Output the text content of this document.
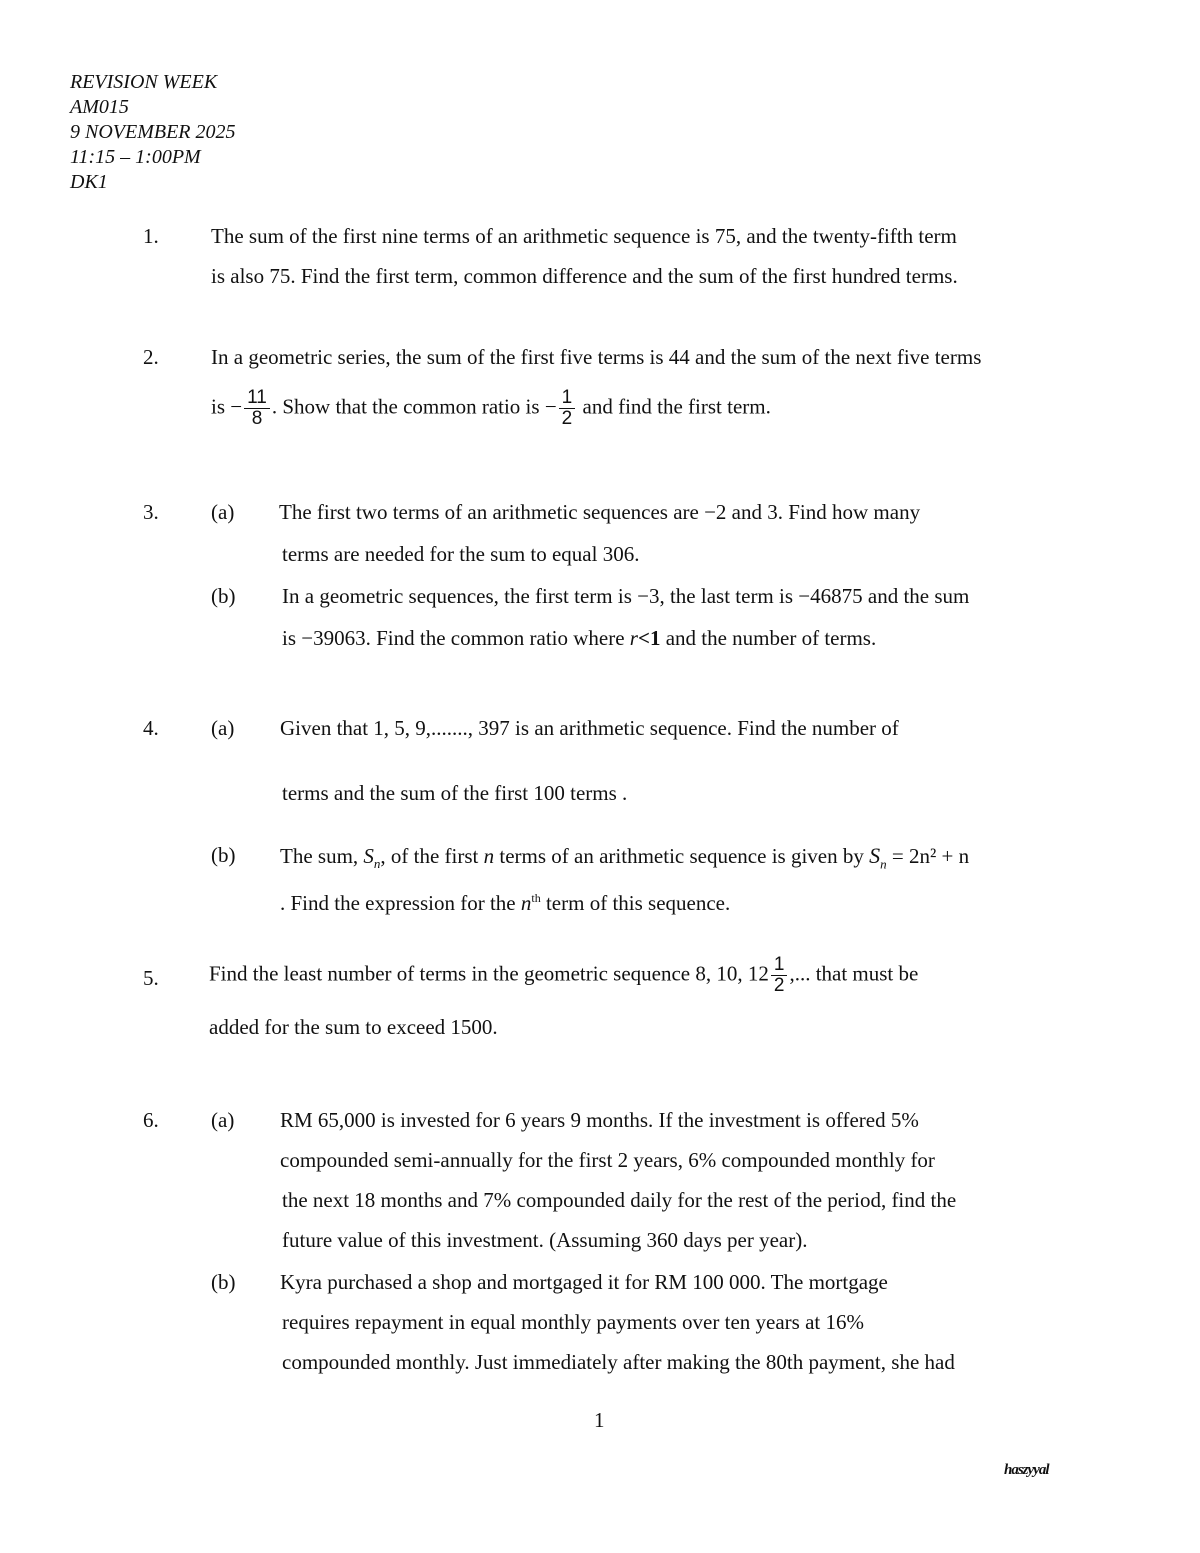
REVISION WEEK
AM015
9 NOVEMBER 2025
11:15 – 1:00PM
DK1
1. The sum of the first nine terms of an arithmetic sequence is 75, and the twenty-fifth term
is also 75. Find the first term, common difference and the sum of the first hundred terms.
2. In a geometric series, the sum of the first five terms is 44 and the sum of the next five terms
is − $\frac{11}{8}$ . Show that the common ratio is − $\frac{1}{2}$ and find the first term.
3. (a) The first two terms of an arithmetic sequences are −2 and 3. Find how many
terms are needed for the sum to equal 306.
(b) In a geometric sequences, the first term is −3, the last term is −46875 and the sum
is −39063. Find the common ratio where r<1 and the number of terms.
4. (a) Given that 1, 5, 9,......., 397 is an arithmetic sequence. Find the number of
terms and the sum of the first 100 terms .
(b) The sum, $S_n$, of the first n terms of an arithmetic sequence is given by $S_n = 2n^2 + n$
. Find the expression for the $n^{th}$ term of this sequence.
5. Find the least number of terms in the geometric sequence 8, 10, $12 \frac{1}{2}$ ,... that must be
added for the sum to exceed 1500.
6. (a) RM 65,000 is invested for 6 years 9 months. If the investment is offered 5%
compounded semi-annually for the first 2 years, 6% compounded monthly for
the next 18 months and 7% compounded daily for the rest of the period, find the
future value of this investment. (Assuming 360 days per year).
(b) Kyra purchased a shop and mortgaged it for RM 100 000. The mortgage
requires repayment in equal monthly payments over ten years at 16%
compounded monthly. Just immediately after making the 80th payment, she had
1
haszyyal
